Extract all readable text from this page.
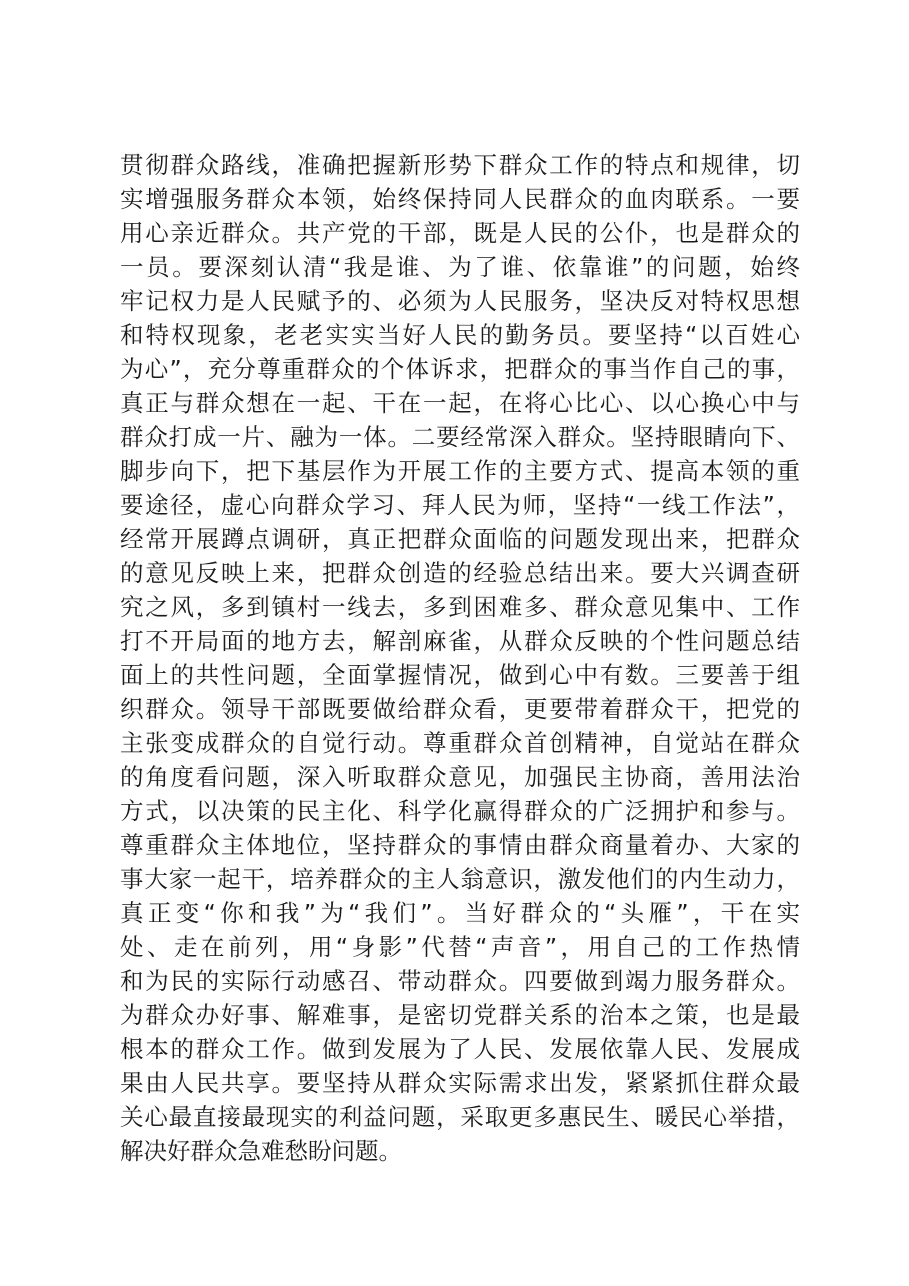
贯彻群众路线，准确把握新形势下群众工作的特点和规律，切
实增强服务群众本领，始终保持同人民群众的血肉联系。一要
用心亲近群众。共产党的干部，既是人民的公仆，也是群众的
一员。要深刻认清“我是谁、为了谁、依靠谁”的问题，始终
牢记权力是人民赋予的、必须为人民服务，坚决反对特权思想
和特权现象，老老实实当好人民的勤务员。要坚持“以百姓心
为心”，充分尊重群众的个体诉求，把群众的事当作自己的事，
真正与群众想在一起、干在一起，在将心比心、以心换心中与
群众打成一片、融为一体。二要经常深入群众。坚持眼睛向下、
脚步向下，把下基层作为开展工作的主要方式、提高本领的重
要途径，虚心向群众学习、拜人民为师，坚持“一线工作法”，
经常开展蹲点调研，真正把群众面临的问题发现出来，把群众
的意见反映上来，把群众创造的经验总结出来。要大兴调查研
究之风，多到镇村一线去，多到困难多、群众意见集中、工作
打不开局面的地方去，解剖麻雀，从群众反映的个性问题总结
面上的共性问题，全面掌握情况，做到心中有数。三要善于组
织群众。领导干部既要做给群众看，更要带着群众干，把党的
主张变成群众的自觉行动。尊重群众首创精神，自觉站在群众
的角度看问题，深入听取群众意见，加强民主协商，善用法治
方式，以决策的民主化、科学化赢得群众的广泛拥护和参与。
尊重群众主体地位，坚持群众的事情由群众商量着办、大家的
事大家一起干，培养群众的主人翁意识，激发他们的内生动力，
真正变“你和我”为“我们”。当好群众的“头雁”，干在实
处、走在前列，用“身影”代替“声音”，用自己的工作热情
和为民的实际行动感召、带动群众。四要做到竭力服务群众。
为群众办好事、解难事，是密切党群关系的治本之策，也是最
根本的群众工作。做到发展为了人民、发展依靠人民、发展成
果由人民共享。要坚持从群众实际需求出发，紧紧抓住群众最
关心最直接最现实的利益问题，采取更多惠民生、暖民心举措，
解决好群众急难愁盼问题。
